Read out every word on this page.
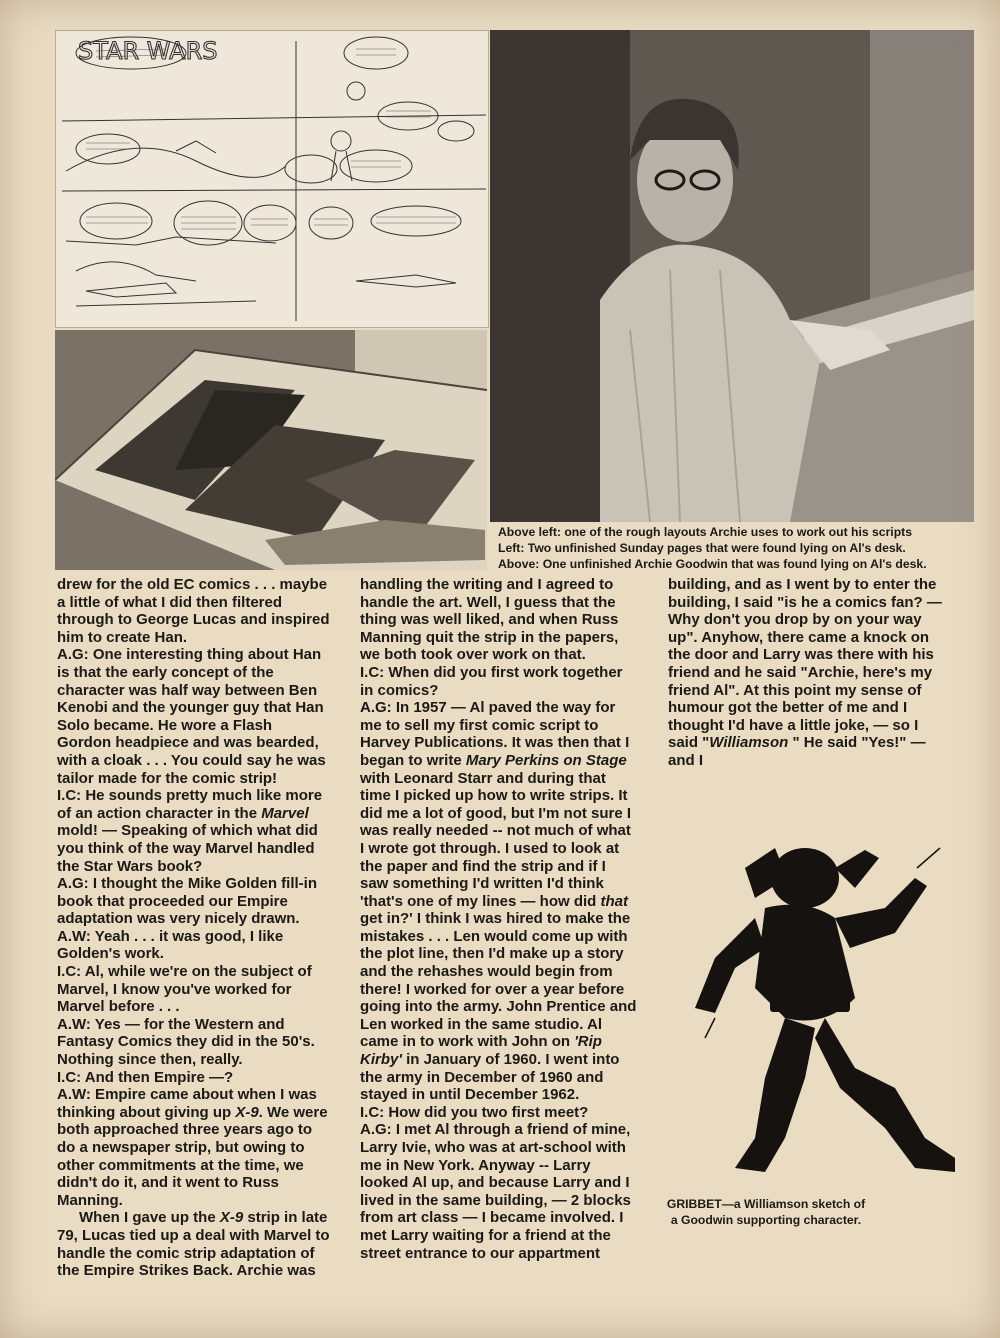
STAR WARS
Above left: one of the rough layouts Archie uses to work out his scripts
Left: Two unfinished Sunday pages that were found lying on Al's desk.
Above: One unfinished Archie Goodwin that was found lying on Al's desk.

drew for the old EC comics . . . maybe a little of what I did then filtered through to George Lucas and inspired him to create Han.

A.G: One interesting thing about Han is that the early concept of the character was half way between Ben Kenobi and the younger guy that Han Solo became. He wore a Flash Gordon headpiece and was bearded, with a cloak . . . You could say he was tailor made for the comic strip!

I.C: He sounds pretty much like more of an action character in the Marvel mold! — Speaking of which what did you think of the way Marvel handled the Star Wars book?

A.G: I thought the Mike Golden fill-in book that proceeded our Empire adaptation was very nicely drawn.

A.W: Yeah . . . it was good, I like Golden's work.

I.C: Al, while we're on the subject of Marvel, I know you've worked for Marvel before . . .

A.W: Yes — for the Western and Fantasy Comics they did in the 50's. Nothing since then, really.

I.C: And then Empire —?

A.W: Empire came about when I was thinking about giving up X-9. We were both approached three years ago to do a newspaper strip, but owing to other commitments at the time, we didn't do it, and it went to Russ Manning.

When I gave up the X-9 strip in late 79, Lucas tied up a deal with Marvel to handle the comic strip adaptation of the Empire Strikes Back. Archie was

handling the writing and I agreed to handle the art. Well, I guess that the thing was well liked, and when Russ Manning quit the strip in the papers, we both took over work on that.

I.C: When did you first work together in comics?

A.G: In 1957 — Al paved the way for me to sell my first comic script to Harvey Publications. It was then that I began to write Mary Perkins on Stage with Leonard Starr and during that time I picked up how to write strips. It did me a lot of good, but I'm not sure I was really needed -- not much of what I wrote got through. I used to look at the paper and find the strip and if I saw something I'd written I'd think 'that's one of my lines — how did that get in?' I think I was hired to make the mistakes . . . Len would come up with the plot line, then I'd make up a story and the rehashes would begin from there! I worked for over a year before going into the army. John Prentice and Len worked in the same studio. Al came in to work with John on 'Rip Kirby' in January of 1960. I went into the army in December of 1960 and stayed in until December 1962.

I.C: How did you two first meet?

A.G: I met Al through a friend of mine, Larry Ivie, who was at art-school with me in New York. Anyway -- Larry looked Al up, and because Larry and I lived in the same building, — 2 blocks from art class — I became involved. I met Larry waiting for a friend at the street entrance to our appartment

building, and as I went by to enter the building, I said "is he a comics fan? — Why don't you drop by on your way up". Anyhow, there came a knock on the door and Larry was there with his friend and he said "Archie, here's my friend Al". At this point my sense of humour got the better of me and I thought I'd have a little joke, — so I said "Williamson " He said "Yes!" — and I

GRIBBET—a Williamson sketch of
a Goodwin supporting character.
